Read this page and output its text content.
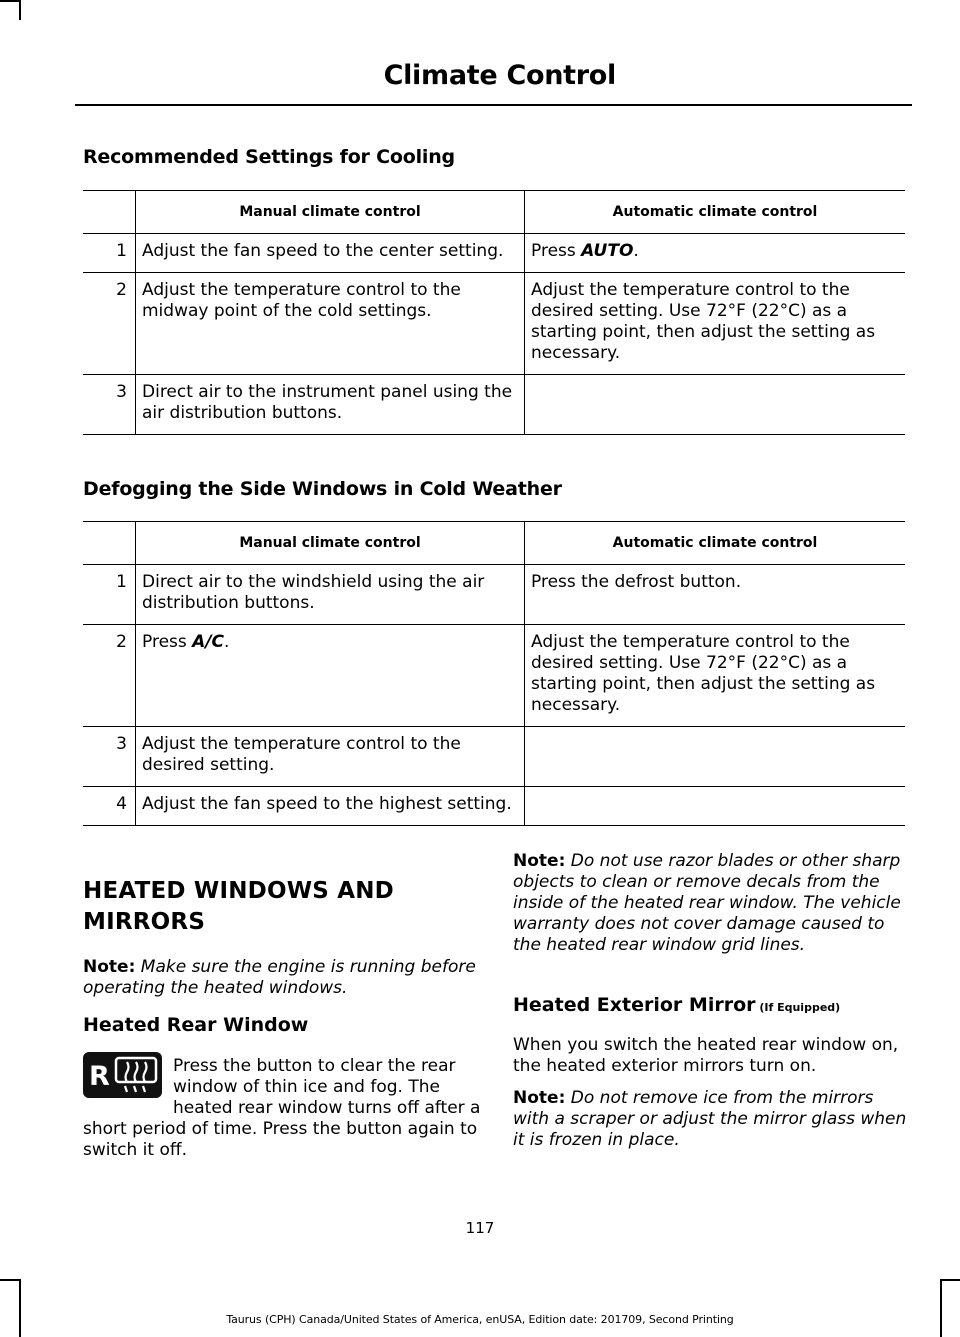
Climate Control
Recommended Settings for Cooling
	Manual climate control	Automatic climate control
1	Adjust the fan speed to the center setting.	Press AUTO.
2	Adjust the temperature control to the midway point of the cold settings.	Adjust the temperature control to the desired setting. Use 72°F (22°C) as a starting point, then adjust the setting as necessary.
3	Direct air to the instrument panel using the air distribution buttons.	
Defogging the Side Windows in Cold Weather
	Manual climate control	Automatic climate control
1	Direct air to the windshield using the air distribution buttons.	Press the defrost button.
2	Press A/C.	Adjust the temperature control to the desired setting. Use 72°F (22°C) as a starting point, then adjust the setting as necessary.
3	Adjust the temperature control to the desired setting.	
4	Adjust the fan speed to the highest setting.	
HEATED WINDOWS AND
MIRRORS
Note: Make sure the engine is running before operating the heated windows.
Heated Rear Window
R	Press the button to clear the rear window of thin ice and fog. The heated rear window turns off after a short period of time. Press the button again to switch it off.
Note: Do not use razor blades or other sharp objects to clean or remove decals from the inside of the heated rear window. The vehicle warranty does not cover damage caused to the heated rear window grid lines.
Heated Exterior Mirror (If Equipped)
When you switch the heated rear window on, the heated exterior mirrors turn on.
Note: Do not remove ice from the mirrors with a scraper or adjust the mirror glass when it is frozen in place.
117
Taurus (CPH) Canada/United States of America, enUSA, Edition date: 201709, Second Printing
